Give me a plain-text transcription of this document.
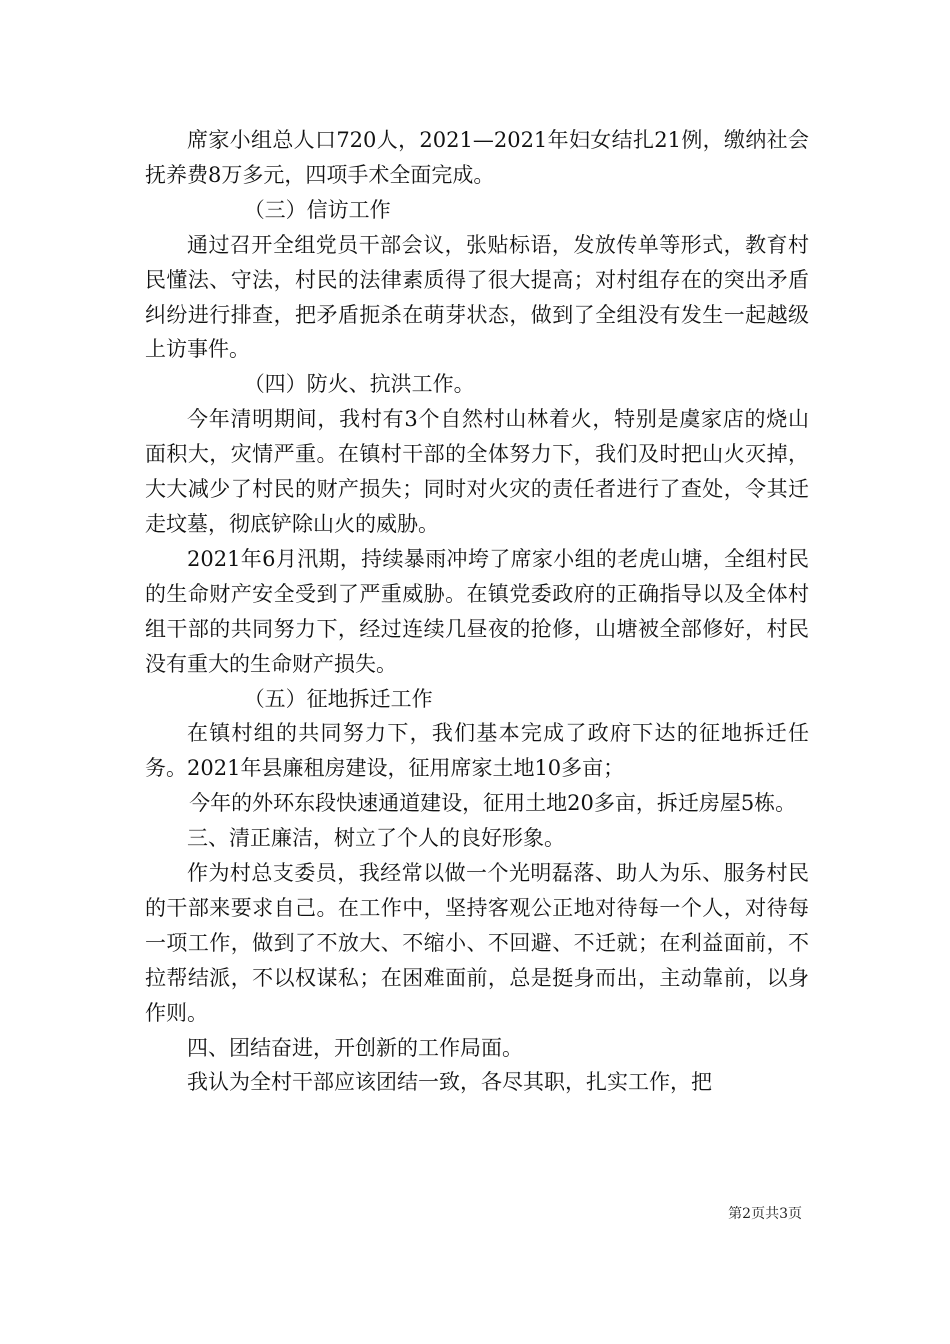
席家小组总人口720人，2021—2021年妇女结扎21例，缴纳社会抚养费8万多元，四项手术全面完成。

（三）信访工作

通过召开全组党员干部会议，张贴标语，发放传单等形式，教育村民懂法、守法，村民的法律素质得了很大提高；对村组存在的突出矛盾纠纷进行排查，把矛盾扼杀在萌芽状态，做到了全组没有发生一起越级上访事件。

（四）防火、抗洪工作。

今年清明期间，我村有3个自然村山林着火，特别是虞家店的烧山面积大，灾情严重。在镇村干部的全体努力下，我们及时把山火灭掉，大大减少了村民的财产损失；同时对火灾的责任者进行了查处，令其迁走坟墓，彻底铲除山火的威胁。

2021年6月汛期，持续暴雨冲垮了席家小组的老虎山塘，全组村民的生命财产安全受到了严重威胁。在镇党委政府的正确指导以及全体村组干部的共同努力下，经过连续几昼夜的抢修，山塘被全部修好，村民没有重大的生命财产损失。

（五）征地拆迁工作

在镇村组的共同努力下，我们基本完成了政府下达的征地拆迁任务。2021年县廉租房建设，征用席家土地10多亩；

今年的外环东段快速通道建设，征用土地20多亩，拆迁房屋5栋。

三、清正廉洁，树立了个人的良好形象。

作为村总支委员，我经常以做一个光明磊落、助人为乐、服务村民的干部来要求自己。在工作中，坚持客观公正地对待每一个人，对待每一项工作，做到了不放大、不缩小、不回避、不迁就；在利益面前，不拉帮结派，不以权谋私；在困难面前，总是挺身而出，主动靠前，以身作则。

四、团结奋进，开创新的工作局面。

我认为全村干部应该团结一致，各尽其职，扎实工作，把

第2页共3页
